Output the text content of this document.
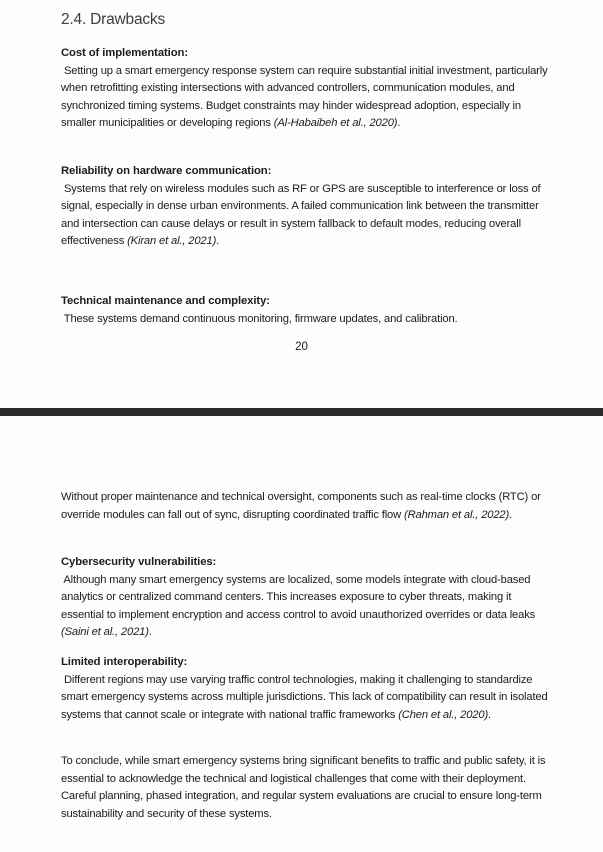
2.4. Drawbacks
Cost of implementation:

Setting up a smart emergency response system can require substantial initial investment, particularly when retrofitting existing intersections with advanced controllers, communication modules, and synchronized timing systems. Budget constraints may hinder widespread adoption, especially in smaller municipalities or developing regions (Al-Habaibeh et al., 2020).

Reliability on hardware communication:

Systems that rely on wireless modules such as RF or GPS are susceptible to interference or loss of signal, especially in dense urban environments. A failed communication link between the transmitter and intersection can cause delays or result in system fallback to default modes, reducing overall effectiveness (Kiran et al., 2021).

Technical maintenance and complexity:

These systems demand continuous monitoring, firmware updates, and calibration.

20

Without proper maintenance and technical oversight, components such as real-time clocks (RTC) or override modules can fall out of sync, disrupting coordinated traffic flow (Rahman et al., 2022).

Cybersecurity vulnerabilities:

Although many smart emergency systems are localized, some models integrate with cloud-based analytics or centralized command centers. This increases exposure to cyber threats, making it essential to implement encryption and access control to avoid unauthorized overrides or data leaks (Saini et al., 2021).

Limited interoperability:

Different regions may use varying traffic control technologies, making it challenging to standardize smart emergency systems across multiple jurisdictions. This lack of compatibility can result in isolated systems that cannot scale or integrate with national traffic frameworks (Chen et al., 2020).

To conclude, while smart emergency systems bring significant benefits to traffic and public safety, it is essential to acknowledge the technical and logistical challenges that come with their deployment. Careful planning, phased integration, and regular system evaluations are crucial to ensure long-term sustainability and security of these systems.
